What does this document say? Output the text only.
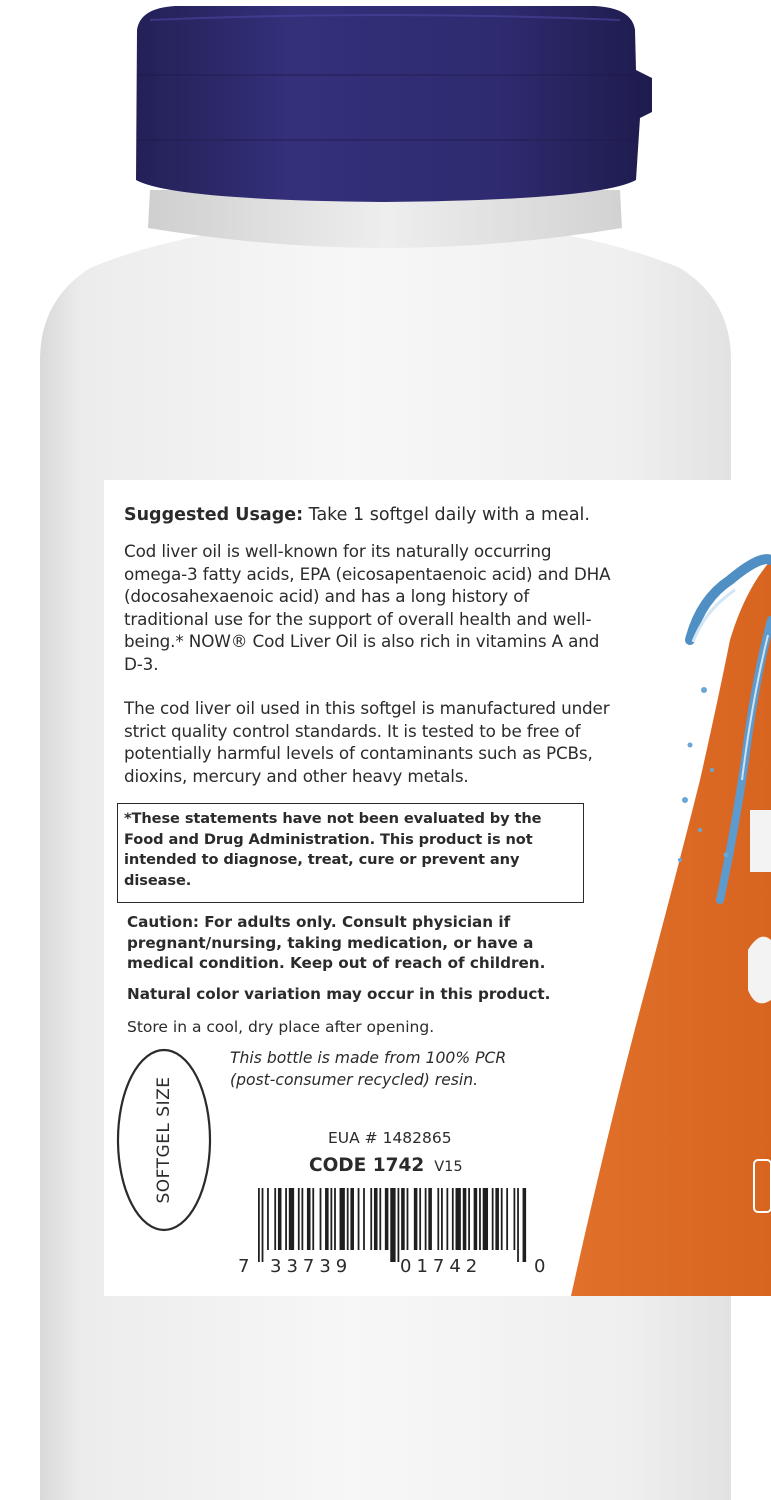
SOFTGEL SIZE

Suggested Usage: Take 1 softgel daily with a meal.

Cod liver oil is well-known for its naturally occurring omega-3 fatty acids, EPA (eicosapentaenoic acid) and DHA (docosahexaenoic acid) and has a long history of traditional use for the support of overall health and well-being.* NOW® Cod Liver Oil is also rich in vitamins A and D-3.

The cod liver oil used in this softgel is manufactured under strict quality control standards. It is tested to be free of potentially harmful levels of contaminants such as PCBs, dioxins, mercury and other heavy metals.

*These statements have not been evaluated by the Food and Drug Administration. This product is not intended to diagnose, treat, cure or prevent any disease.

Caution: For adults only. Consult physician if pregnant/nursing, taking medication, or have a medical condition. Keep out of reach of children.

Natural color variation may occur in this product.

Store in a cool, dry place after opening.

This bottle is made from 100% PCR (post-consumer recycled) resin.

EUA # 1482865

CODE 1742 V15

7 33739	01742	0
